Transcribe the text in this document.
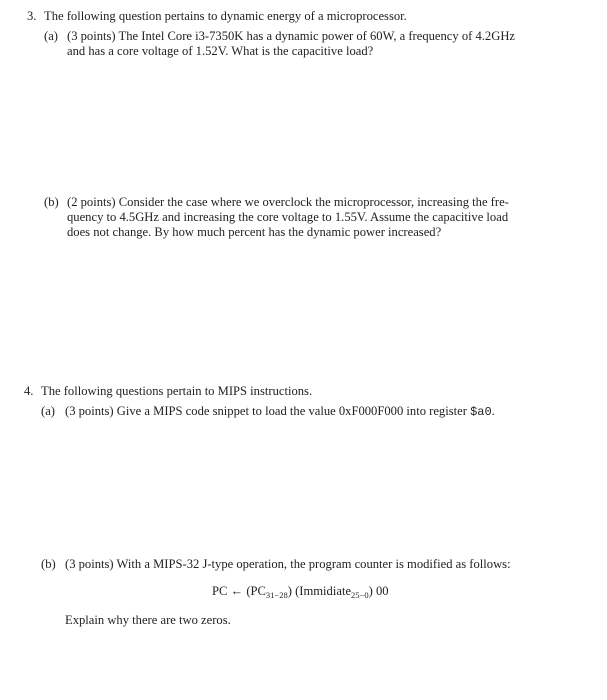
3. The following question pertains to dynamic energy of a microprocessor.
(a) (3 points) The Intel Core i3-7350K has a dynamic power of 60W, a frequency of 4.2GHz
and has a core voltage of 1.52V. What is the capacitive load?
(b) (2 points) Consider the case where we overclock the microprocessor, increasing the fre-
quency to 4.5GHz and increasing the core voltage to 1.55V. Assume the capacitive load
does not change. By how much percent has the dynamic power increased?
4. The following questions pertain to MIPS instructions.
(a) (3 points) Give a MIPS code snippet to load the value 0xF000F000 into register $a0.
(b) (3 points) With a MIPS-32 J-type operation, the program counter is modified as follows:
PC ← $(PC_{31-28})$ (Immidiate$_{25-0}$) 00
Explain why there are two zeros.
